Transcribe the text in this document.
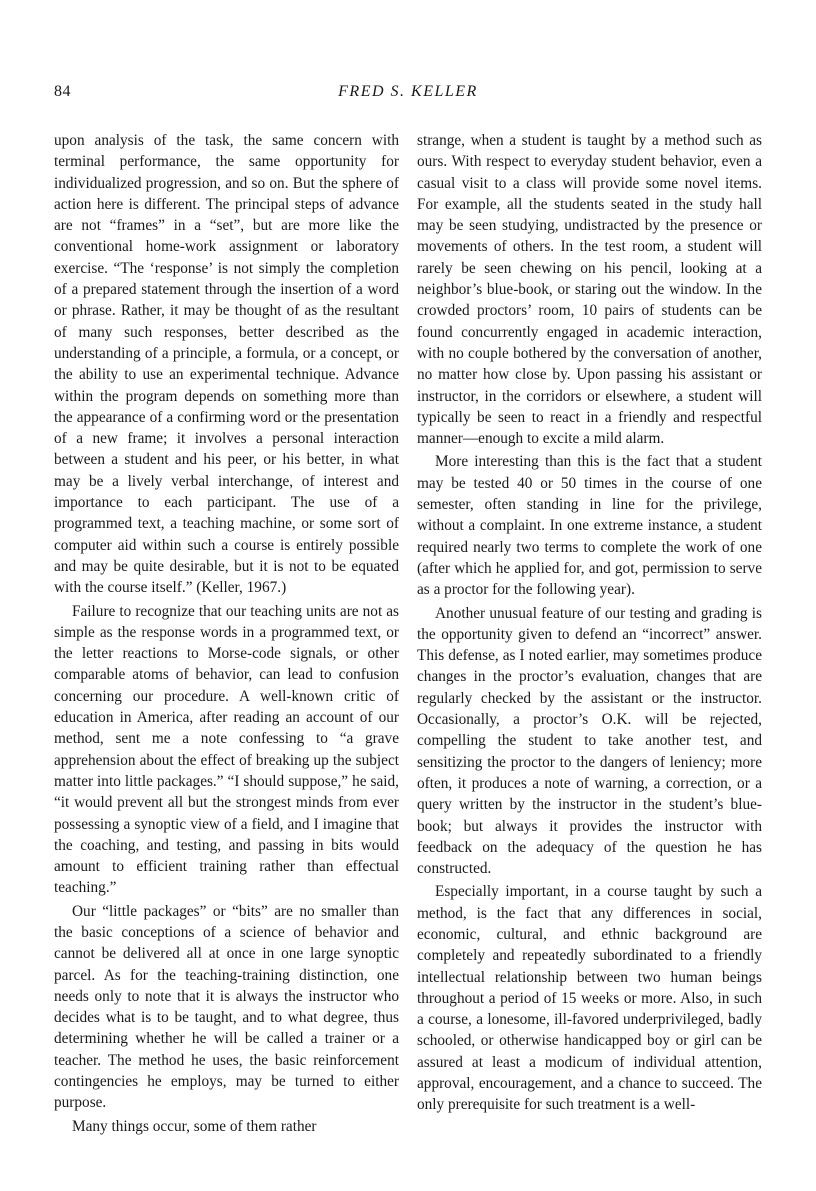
84	FRED S. KELLER

upon analysis of the task, the same concern with terminal performance, the same opportunity for individualized progression, and so on. But the sphere of action here is different. The principal steps of advance are not “frames” in a “set”, but are more like the conventional home-work assignment or laboratory exercise. “The ‘response’ is not simply the completion of a prepared statement through the insertion of a word or phrase. Rather, it may be thought of as the resultant of many such responses, better described as the understanding of a principle, a formula, or a concept, or the ability to use an experimental technique. Advance within the program depends on something more than the appearance of a confirming word or the presentation of a new frame; it involves a personal interaction between a student and his peer, or his better, in what may be a lively verbal interchange, of interest and importance to each participant. The use of a programmed text, a teaching machine, or some sort of computer aid within such a course is entirely possible and may be quite desirable, but it is not to be equated with the course itself.” (Keller, 1967.)

Failure to recognize that our teaching units are not as simple as the response words in a programmed text, or the letter reactions to Morse-code signals, or other comparable atoms of behavior, can lead to confusion concerning our procedure. A well-known critic of education in America, after reading an account of our method, sent me a note confessing to “a grave apprehension about the effect of breaking up the subject matter into little packages.” “I should suppose,” he said, “it would prevent all but the strongest minds from ever possessing a synoptic view of a field, and I imagine that the coaching, and testing, and passing in bits would amount to efficient training rather than effectual teaching.”

Our “little packages” or “bits” are no smaller than the basic conceptions of a science of behavior and cannot be delivered all at once in one large synoptic parcel. As for the teaching-training distinction, one needs only to note that it is always the instructor who decides what is to be taught, and to what degree, thus determining whether he will be called a trainer or a teacher. The method he uses, the basic reinforcement contingencies he employs, may be turned to either purpose.

Many things occur, some of them rather

strange, when a student is taught by a method such as ours. With respect to everyday student behavior, even a casual visit to a class will provide some novel items. For example, all the students seated in the study hall may be seen studying, undistracted by the presence or movements of others. In the test room, a student will rarely be seen chewing on his pencil, looking at a neighbor’s blue-book, or staring out the window. In the crowded proctors’ room, 10 pairs of students can be found concurrently engaged in academic interaction, with no couple bothered by the conversation of another, no matter how close by. Upon passing his assistant or instructor, in the corridors or elsewhere, a student will typically be seen to react in a friendly and respectful manner—enough to excite a mild alarm.

More interesting than this is the fact that a student may be tested 40 or 50 times in the course of one semester, often standing in line for the privilege, without a complaint. In one extreme instance, a student required nearly two terms to complete the work of one (after which he applied for, and got, permission to serve as a proctor for the following year).

Another unusual feature of our testing and grading is the opportunity given to defend an “incorrect” answer. This defense, as I noted earlier, may sometimes produce changes in the proctor’s evaluation, changes that are regularly checked by the assistant or the instructor. Occasionally, a proctor’s O.K. will be rejected, compelling the student to take another test, and sensitizing the proctor to the dangers of leniency; more often, it produces a note of warning, a correction, or a query written by the instructor in the student’s blue-book; but always it provides the instructor with feedback on the adequacy of the question he has constructed.

Especially important, in a course taught by such a method, is the fact that any differences in social, economic, cultural, and ethnic background are completely and repeatedly subordinated to a friendly intellectual relationship between two human beings throughout a period of 15 weeks or more. Also, in such a course, a lonesome, ill-favored underprivileged, badly schooled, or otherwise handicapped boy or girl can be assured at least a modicum of individual attention, approval, encouragement, and a chance to succeed. The only prerequisite for such treatment is a well-
